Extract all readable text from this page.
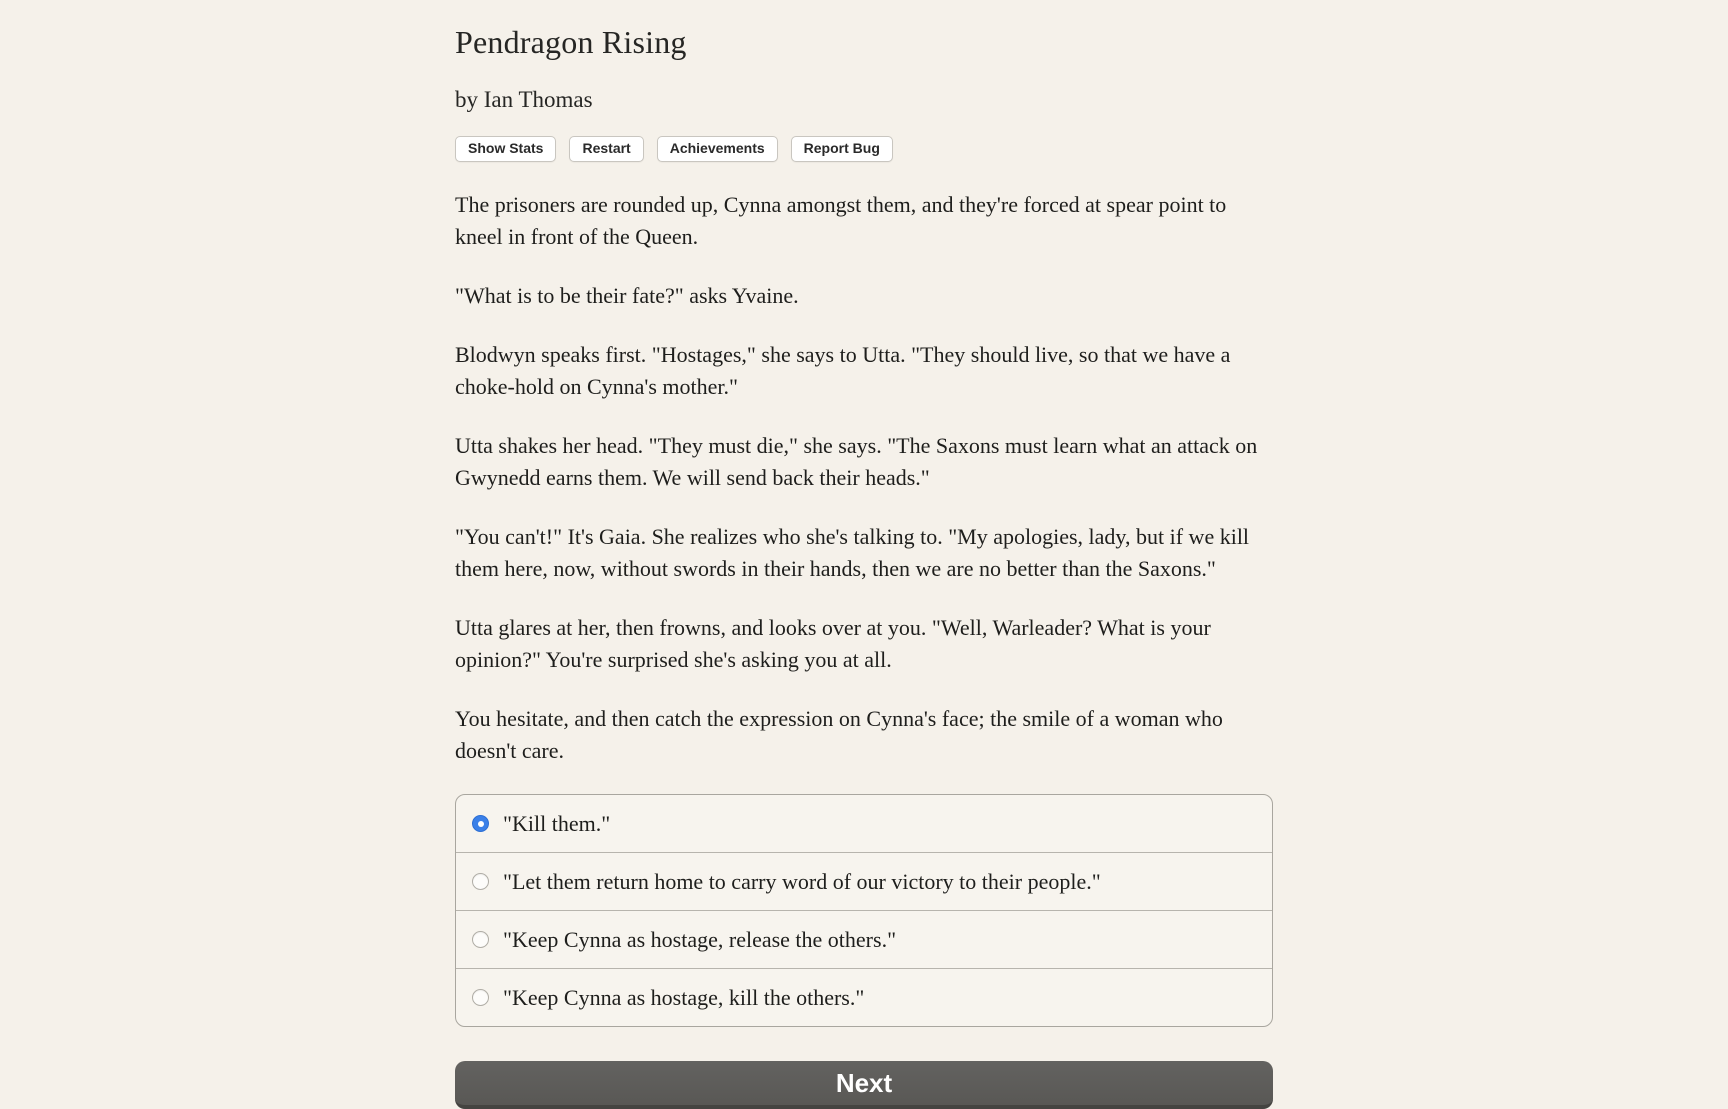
Pendragon Rising
by Ian Thomas
Show Stats	Restart	Achievements	Report Bug

The prisoners are rounded up, Cynna amongst them, and they're forced at spear point to kneel in front of the Queen.

"What is to be their fate?" asks Yvaine.

Blodwyn speaks first. "Hostages," she says to Utta. "They should live, so that we have a choke-hold on Cynna's mother."

Utta shakes her head. "They must die," she says. "The Saxons must learn what an attack on Gwynedd earns them. We will send back their heads."

"You can't!" It's Gaia. She realizes who she's talking to. "My apologies, lady, but if we kill them here, now, without swords in their hands, then we are no better than the Saxons."

Utta glares at her, then frowns, and looks over at you. "Well, Warleader? What is your opinion?" You're surprised she's asking you at all.

You hesitate, and then catch the expression on Cynna's face; the smile of a woman who doesn't care.

"Kill them."
"Let them return home to carry word of our victory to their people."
"Keep Cynna as hostage, release the others."
"Keep Cynna as hostage, kill the others."
Next
